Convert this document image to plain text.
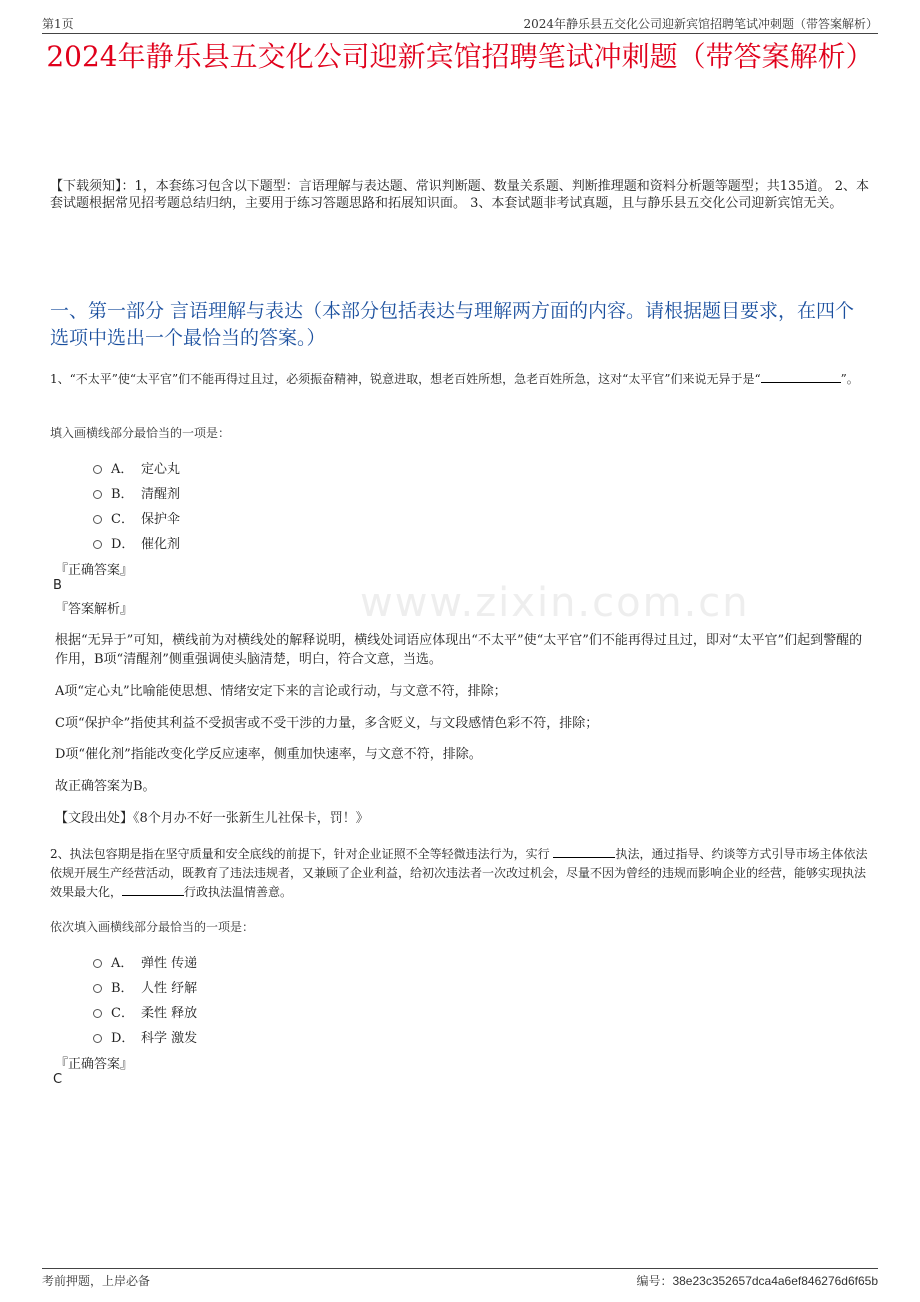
第1页	2024年静乐县五交化公司迎新宾馆招聘笔试冲刺题（带答案解析）
2024年静乐县五交化公司迎新宾馆招聘笔试冲刺题（带答案解析）
【下载须知】：1，本套练习包含以下题型：言语理解与表达题、常识判断题、数量关系题、判断推理题和资料分析题等题型；共135道。 2、本套试题根据常见招考题总结归纳，主要用于练习答题思路和拓展知识面。 3、本套试题非考试真题，且与静乐县五交化公司迎新宾馆无关。
www.zixin.com.cn
一、第一部分 言语理解与表达（本部分包括表达与理解两方面的内容。请根据题目要求，在四个选项中选出一个最恰当的答案。）
1、“不太平”使“太平官”们不能再得过且过，必须振奋精神，锐意进取，想老百姓所想，急老百姓所急，这对“太平官”们来说无异于是“	”。
填入画横线部分最恰当的一项是：
A． 定心丸
B． 清醒剂
C． 保护伞
D． 催化剂
『正确答案』
B
『答案解析』
根据“无异于”可知，横线前为对横线处的解释说明，横线处词语应体现出“不太平”使“太平官”们不能再得过且过，即对“太平官”们起到警醒的作用，B项“清醒剂”侧重强调使头脑清楚，明白，符合文意，当选。
A项“定心丸”比喻能使思想、情绪安定下来的言论或行动，与文意不符，排除；
C项“保护伞”指使其利益不受损害或不受干涉的力量，多含贬义，与文段感情色彩不符，排除；
D项“催化剂”指能改变化学反应速率，侧重加快速率，与文意不符，排除。
故正确答案为B。
【文段出处】《8个月办不好一张新生儿社保卡，罚！》
2、执法包容期是指在坚守质量和安全底线的前提下，针对企业证照不全等轻微违法行为，实行	执法，通过指导、约谈等方式引导市场主体依法依规开展生产经营活动，既教育了违法违规者，又兼顾了企业利益，给初次违法者一次改过机会，尽量不因为曾经的违规而影响企业的经营，能够实现执法效果最大化，	行政执法温情善意。
依次填入画横线部分最恰当的一项是：
A． 弹性 传递
B． 人性 纾解
C． 柔性 释放
D． 科学 激发
『正确答案』
C
考前押题，上岸必备	编号：38e23c352657dca4a6ef846276d6f65b
